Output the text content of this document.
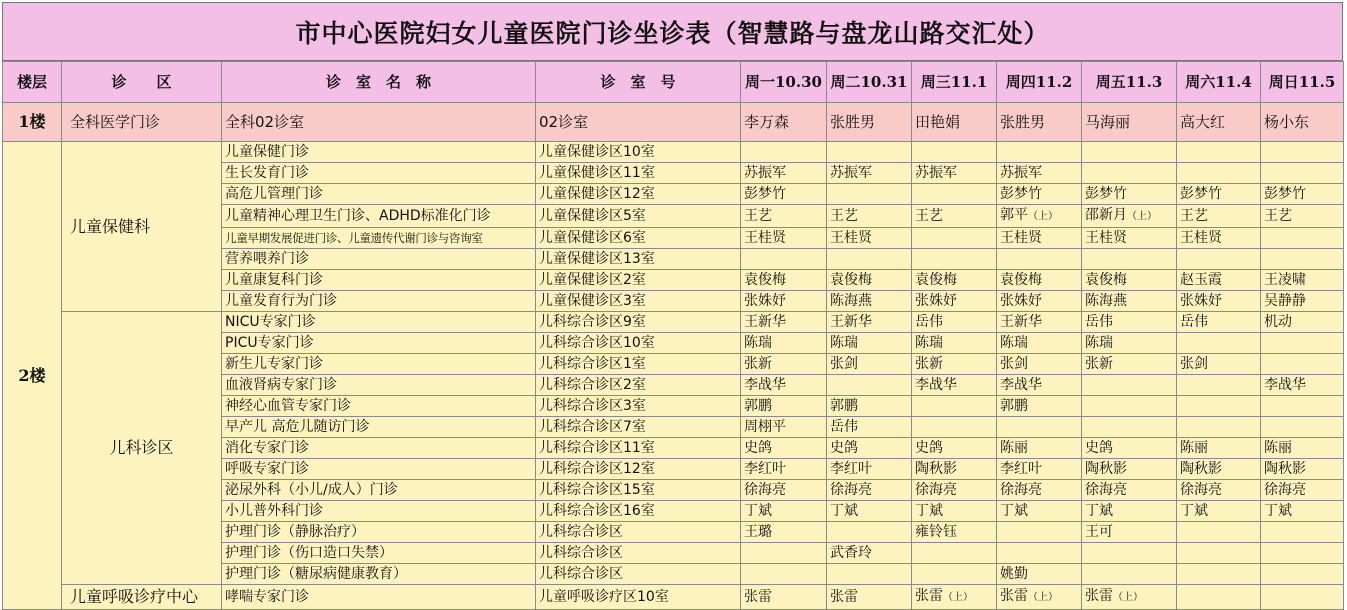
市中心医院妇女儿童医院门诊坐诊表（智慧路与盘龙山路交汇处）
楼层	诊　　区	诊　室　名　称	诊　室　号	周一10.30	周二10.31	周三11.1	周四11.2	周五11.3	周六11.4	周日11.5
1楼	全科医学门诊	全科02诊室	02诊室	李万森	张胜男	田艳娟	张胜男	马海丽	高大红	杨小东
2楼	儿童保健科	儿童保健门诊	儿童保健诊区10室							
		生长发育门诊	儿童保健诊区11室	苏振军	苏振军	苏振军	苏振军			
		高危儿管理门诊	儿童保健诊区12室	彭梦竹			彭梦竹	彭梦竹	彭梦竹	彭梦竹
		儿童精神心理卫生门诊、ADHD标准化门诊	儿童保健诊区5室	王艺	王艺	王艺	郭平（上）	邵新月（上）	王艺	王艺
		儿童早期发展促进门诊、儿童遗传代谢门诊与咨询室	儿童保健诊区6室	王桂贤	王桂贤		王桂贤	王桂贤	王桂贤	
		营养喂养门诊	儿童保健诊区13室							
		儿童康复科门诊	儿童保健诊区2室	袁俊梅	袁俊梅	袁俊梅	袁俊梅	袁俊梅	赵玉霞	王凌啸
		儿童发育行为门诊	儿童保健诊区3室	张姝妤	陈海燕	张姝妤	张姝妤	陈海燕	张姝妤	吴静静
	儿科诊区	NICU专家门诊	儿科综合诊区9室	王新华	王新华	岳伟	王新华	岳伟	岳伟	机动
		PICU专家门诊	儿科综合诊区10室	陈瑞	陈瑞	陈瑞	陈瑞	陈瑞		
		新生儿专家门诊	儿科综合诊区1室	张新	张剑	张新	张剑	张新	张剑	
		血液肾病专家门诊	儿科综合诊区2室	李战华		李战华	李战华			李战华
		神经心血管专家门诊	儿科综合诊区3室	郭鹏	郭鹏		郭鹏			
		早产儿 高危儿随访门诊	儿科综合诊区7室	周栩平	岳伟					
		消化专家门诊	儿科综合诊区11室	史鸽	史鸽	史鸽	陈丽	史鸽	陈丽	陈丽
		呼吸专家门诊	儿科综合诊区12室	李红叶	李红叶	陶秋影	李红叶	陶秋影	陶秋影	陶秋影
		泌尿外科（小儿/成人）门诊	儿科综合诊区15室	徐海亮	徐海亮	徐海亮	徐海亮	徐海亮	徐海亮	徐海亮
		小儿普外科门诊	儿科综合诊区16室	丁斌	丁斌	丁斌	丁斌	丁斌	丁斌	丁斌
		护理门诊（静脉治疗）	儿科综合诊区	王璐		雍铃钰		王可		
		护理门诊（伤口造口失禁）	儿科综合诊区		武香玲					
		护理门诊（糖尿病健康教育）	儿科综合诊区				姚勤			
	儿童呼吸诊疗中心	哮喘专家门诊	儿童呼吸诊疗区10室	张雷	张雷	张雷（上）	张雷（上）	张雷（上）		
